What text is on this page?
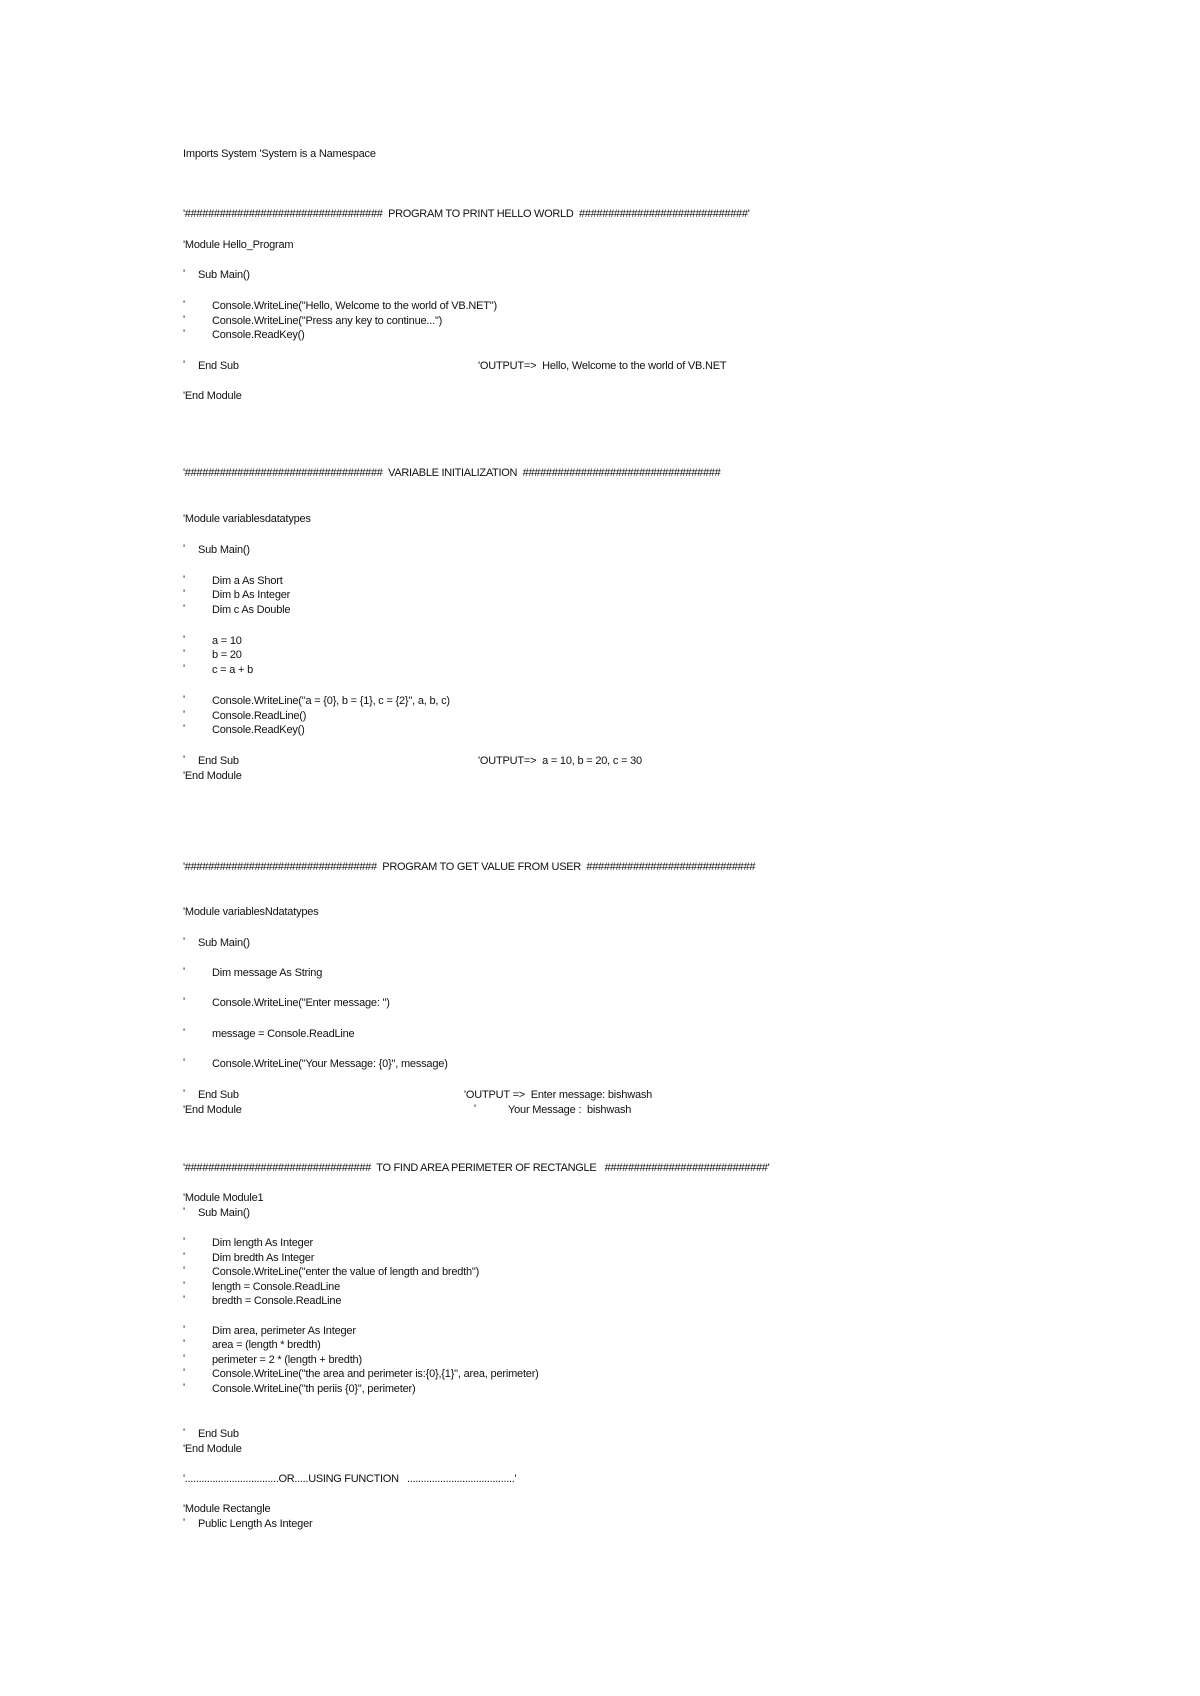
Imports System 'System is a Namespace
'##################################  PROGRAM TO PRINT HELLO WORLD  #############################'
'Module Hello_Program
' Sub Main()
' Console.WriteLine("Hello, Welcome to the world of VB.NET")
' Console.WriteLine("Press any key to continue...")
' Console.ReadKey()
' End Sub	'OUTPUT=>  Hello, Welcome to the world of VB.NET
'End Module
'##################################  VARIABLE INITIALIZATION  ##################################
'Module variablesdatatypes
' Sub Main()
' Dim a As Short
' Dim b As Integer
' Dim c As Double
' a = 10
' b = 20
' c = a + b
' Console.WriteLine("a = {0}, b = {1}, c = {2}", a, b, c)
' Console.ReadLine()
' Console.ReadKey()
' End Sub	'OUTPUT=>  a = 10, b = 20, c = 30
'End Module
'#################################  PROGRAM TO GET VALUE FROM USER  #############################
'Module variablesNdatatypes
' Sub Main()
' Dim message As String
' Console.WriteLine("Enter message: ")
' message = Console.ReadLine
' Console.WriteLine("Your Message: {0}", message)
' End Sub	'OUTPUT =>  Enter message: bishwash
'End Module	'	Your Message :  bishwash
'################################  TO FIND AREA PERIMETER OF RECTANGLE   ############################'
'Module Module1
' Sub Main()
' Dim length As Integer
' Dim bredth As Integer
' Console.WriteLine("enter the value of length and bredth")
' length = Console.ReadLine
' bredth = Console.ReadLine
' Dim area, perimeter As Integer
' area = (length * bredth)
' perimeter = 2 * (length + bredth)
' Console.WriteLine("the area and perimeter is:{0},{1}", area, perimeter)
' Console.WriteLine("th periis {0}", perimeter)
' End Sub
'End Module
'..................................OR.....USING FUNCTION   .......................................'
'Module Rectangle
' Public Length As Integer
